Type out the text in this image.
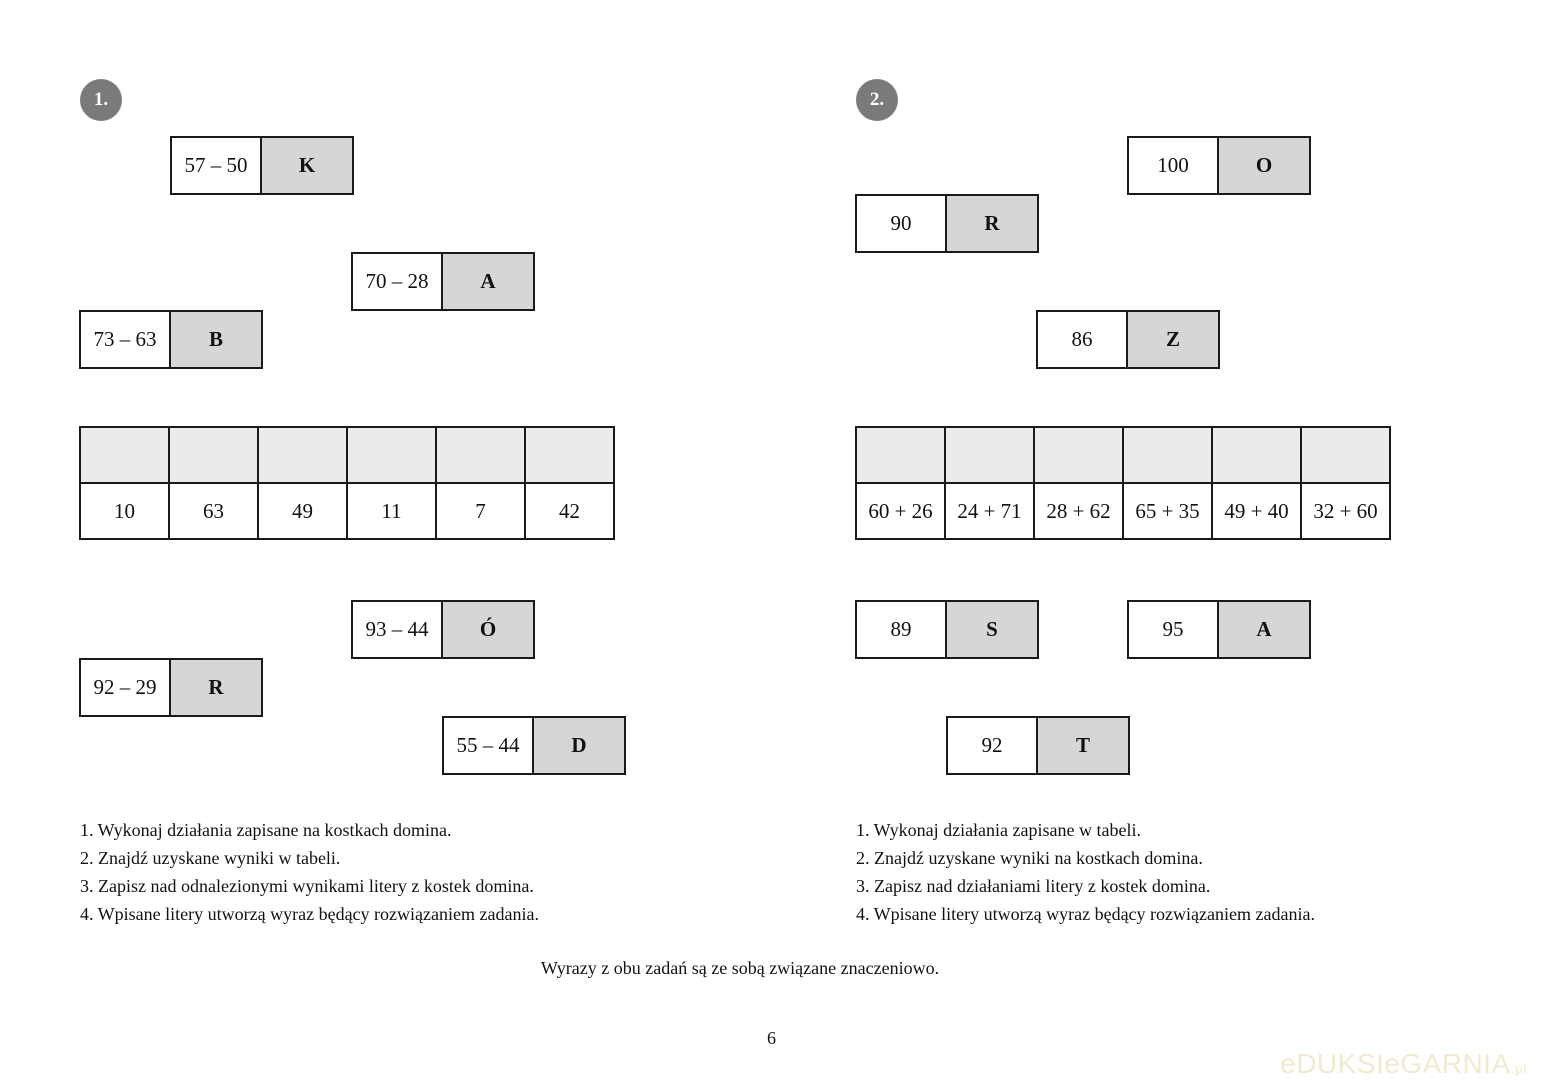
1.
57 – 50	K
70 – 28	A
73 – 63	B

10	63	49	11	7	42
93 – 44	Ó
92 – 29	R
55 – 44	D
1. Wykonaj działania zapisane na kostkach domina.
2. Znajdź uzyskane wyniki w tabeli.
3. Zapisz nad odnalezionymi wynikami litery z kostek domina.
4. Wpisane litery utworzą wyraz będący rozwiązaniem zadania.
2.
100	O
90	R
86	Z

60 + 26	24 + 71	28 + 62	65 + 35	49 + 40	32 + 60
89	S	95	A
92	T
1. Wykonaj działania zapisane w tabeli.
2. Znajdź uzyskane wyniki na kostkach domina.
3. Zapisz nad działaniami litery z kostek domina.
4. Wpisane litery utworzą wyraz będący rozwiązaniem zadania.
Wyrazy z obu zadań są ze sobą związane znaczeniowo.
6
eDUKSIeGARNIA.pl
